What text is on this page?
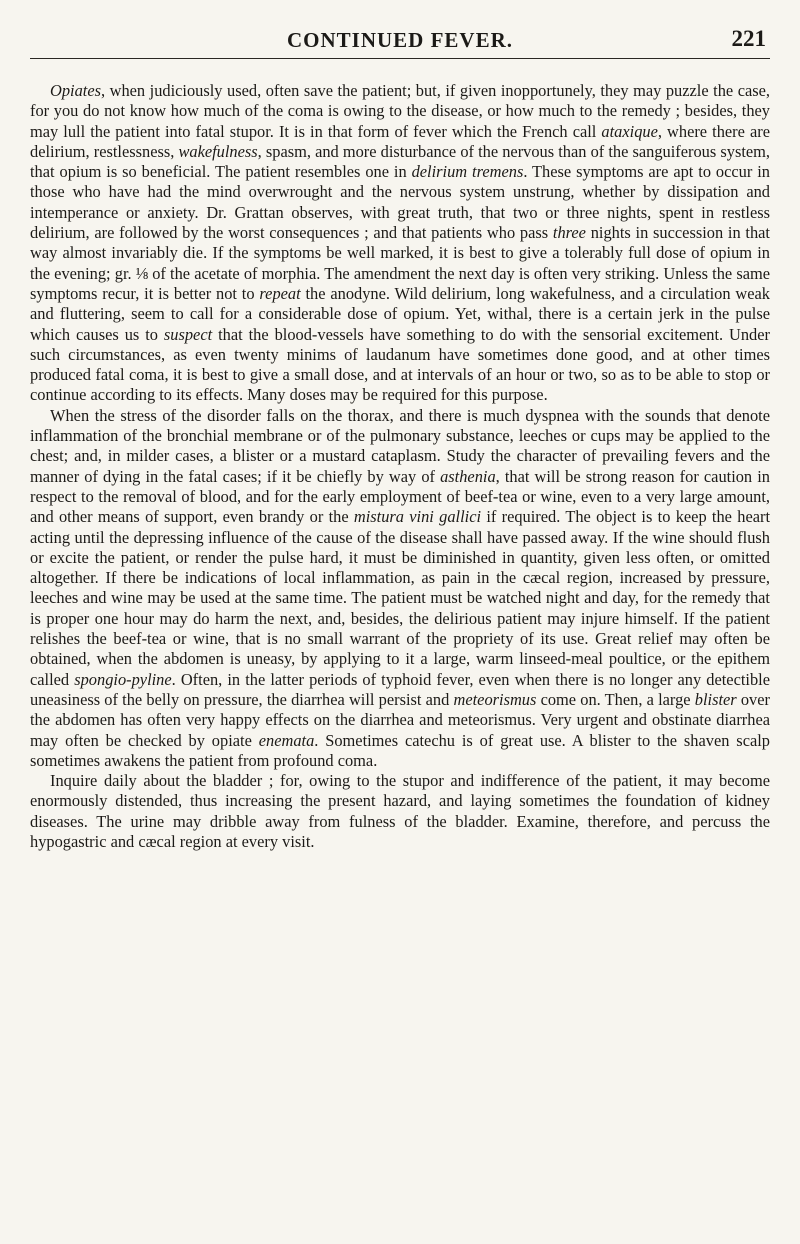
CONTINUED FEVER.	221

Opiates, when judiciously used, often save the patient; but, if given inopportunely, they may puzzle the case, for you do not know how much of the coma is owing to the disease, or how much to the remedy ; besides, they may lull the patient into fatal stupor. It is in that form of fever which the French call ataxique, where there are delirium, restlessness, wakefulness, spasm, and more disturbance of the nervous than of the sanguiferous system, that opium is so beneficial. The patient resembles one in delirium tremens. These symptoms are apt to occur in those who have had the mind overwrought and the nervous system unstrung, whether by dissipation and intemperance or anxiety. Dr. Grattan observes, with great truth, that two or three nights, spent in restless delirium, are followed by the worst consequences ; and that patients who pass three nights in succession in that way almost invariably die. If the symptoms be well marked, it is best to give a tolerably full dose of opium in the evening; gr. ⅛ of the acetate of morphia. The amendment the next day is often very striking. Unless the same symptoms recur, it is better not to repeat the anodyne. Wild delirium, long wakefulness, and a circulation weak and fluttering, seem to call for a considerable dose of opium. Yet, withal, there is a certain jerk in the pulse which causes us to suspect that the blood-vessels have something to do with the sensorial excitement. Under such circumstances, as even twenty minims of laudanum have sometimes done good, and at other times produced fatal coma, it is best to give a small dose, and at intervals of an hour or two, so as to be able to stop or continue according to its effects. Many doses may be required for this purpose.

When the stress of the disorder falls on the thorax, and there is much dyspnea with the sounds that denote inflammation of the bronchial membrane or of the pulmonary substance, leeches or cups may be applied to the chest; and, in milder cases, a blister or a mustard cataplasm. Study the character of prevailing fevers and the manner of dying in the fatal cases; if it be chiefly by way of asthenia, that will be strong reason for caution in respect to the removal of blood, and for the early employment of beef-tea or wine, even to a very large amount, and other means of support, even brandy or the mistura vini gallici if required. The object is to keep the heart acting until the depressing influence of the cause of the disease shall have passed away. If the wine should flush or excite the patient, or render the pulse hard, it must be diminished in quantity, given less often, or omitted altogether. If there be indications of local inflammation, as pain in the cæcal region, increased by pressure, leeches and wine may be used at the same time. The patient must be watched night and day, for the remedy that is proper one hour may do harm the next, and, besides, the delirious patient may injure himself. If the patient relishes the beef-tea or wine, that is no small warrant of the propriety of its use. Great relief may often be obtained, when the abdomen is uneasy, by applying to it a large, warm linseed-meal poultice, or the epithem called spongio-pyline. Often, in the latter periods of typhoid fever, even when there is no longer any detectible uneasiness of the belly on pressure, the diarrhea will persist and meteorismus come on. Then, a large blister over the abdomen has often very happy effects on the diarrhea and meteorismus. Very urgent and obstinate diarrhea may often be checked by opiate enemata. Sometimes catechu is of great use. A blister to the shaven scalp sometimes awakens the patient from profound coma.

Inquire daily about the bladder ; for, owing to the stupor and indifference of the patient, it may become enormously distended, thus increasing the present hazard, and laying sometimes the foundation of kidney diseases. The urine may dribble away from fulness of the bladder. Examine, therefore, and percuss the hypogastric and cæcal region at every visit.
